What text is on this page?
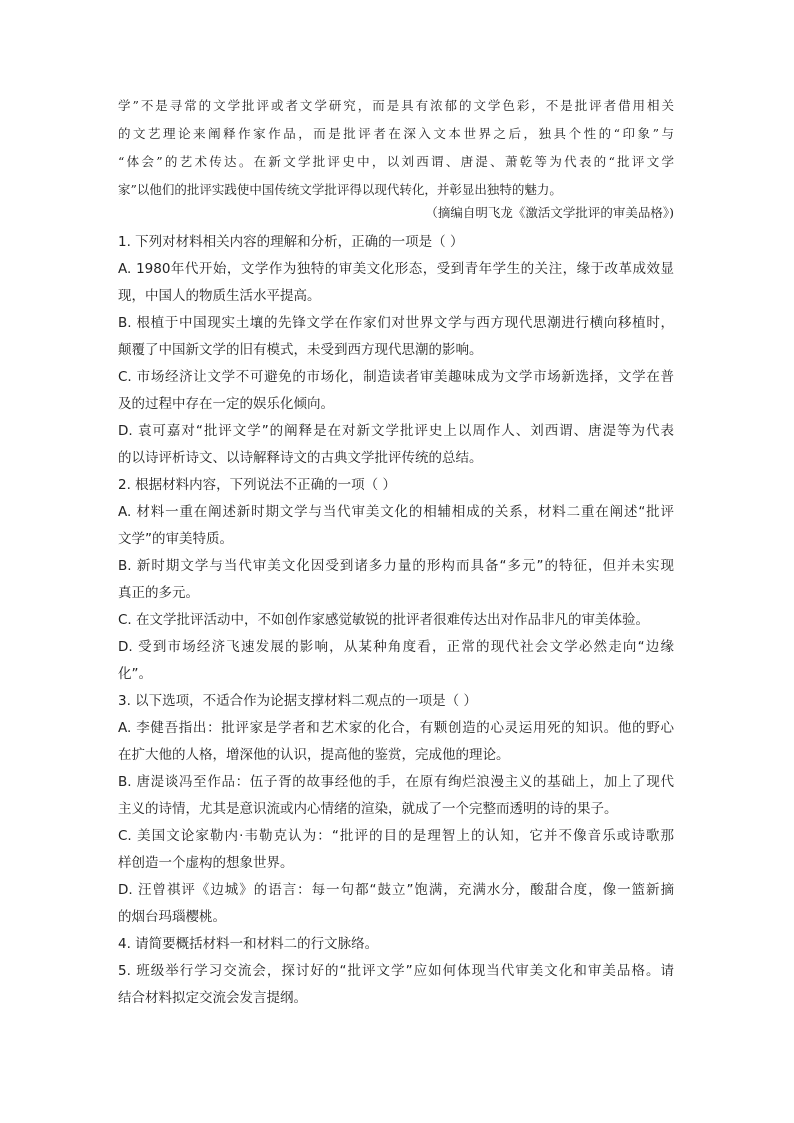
学”不是寻常的文学批评或者文学研究，而是具有浓郁的文学色彩，不是批评者借用相关
的文艺理论来阐释作家作品，而是批评者在深入文本世界之后，独具个性的“印象”与
“体会”的艺术传达。在新文学批评史中，以刘西谓、唐湜、萧乾等为代表的“批评文学
家”以他们的批评实践使中国传统文学批评得以现代转化，并彰显出独特的魅力。
（摘编自明飞龙《激活文学批评的审美品格》)
1. 下列对材料相关内容的理解和分析，正确的一项是（ ）
A. 1980年代开始，文学作为独特的审美文化形态，受到青年学生的关注，缘于改革成效显
现，中国人的物质生活水平提高。
B. 根植于中国现实土壤的先锋文学在作家们对世界文学与西方现代思潮进行横向移植时，
颠覆了中国新文学的旧有模式，未受到西方现代思潮的影响。
C. 市场经济让文学不可避免的市场化，制造读者审美趣味成为文学市场新选择，文学在普
及的过程中存在一定的娱乐化倾向。
D. 袁可嘉对“批评文学”的阐释是在对新文学批评史上以周作人、刘西谓、唐湜等为代表
的以诗评析诗文、以诗解释诗文的古典文学批评传统的总结。
2. 根据材料内容，下列说法不正确的一项（ ）
A. 材料一重在阐述新时期文学与当代审美文化的相辅相成的关系，材料二重在阐述“批评
文学”的审美特质。
B. 新时期文学与当代审美文化因受到诸多力量的形构而具备“多元”的特征，但并未实现
真正的多元。
C. 在文学批评活动中，不如创作家感觉敏锐的批评者很难传达出对作品非凡的审美体验。
D. 受到市场经济飞速发展的影响，从某种角度看，正常的现代社会文学必然走向“边缘
化”。
3. 以下选项，不适合作为论据支撑材料二观点的一项是（ ）
A. 李健吾指出：批评家是学者和艺术家的化合，有颗创造的心灵运用死的知识。他的野心
在扩大他的人格，增深他的认识，提高他的鉴赏，完成他的理论。
B. 唐湜谈冯至作品：伍子胥的故事经他的手，在原有绚烂浪漫主义的基础上，加上了现代
主义的诗情，尤其是意识流或内心情绪的渲染，就成了一个完整而透明的诗的果子。
C. 美国文论家勒内·韦勒克认为：“批评的目的是理智上的认知，它并不像音乐或诗歌那
样创造一个虚构的想象世界。
D. 汪曾祺评《边城》的语言：每一句都“鼓立”饱满，充满水分，酸甜合度，像一篮新摘
的烟台玛瑙樱桃。
4. 请简要概括材料一和材料二的行文脉络。
5. 班级举行学习交流会，探讨好的“批评文学”应如何体现当代审美文化和审美品格。请
结合材料拟定交流会发言提纲。
